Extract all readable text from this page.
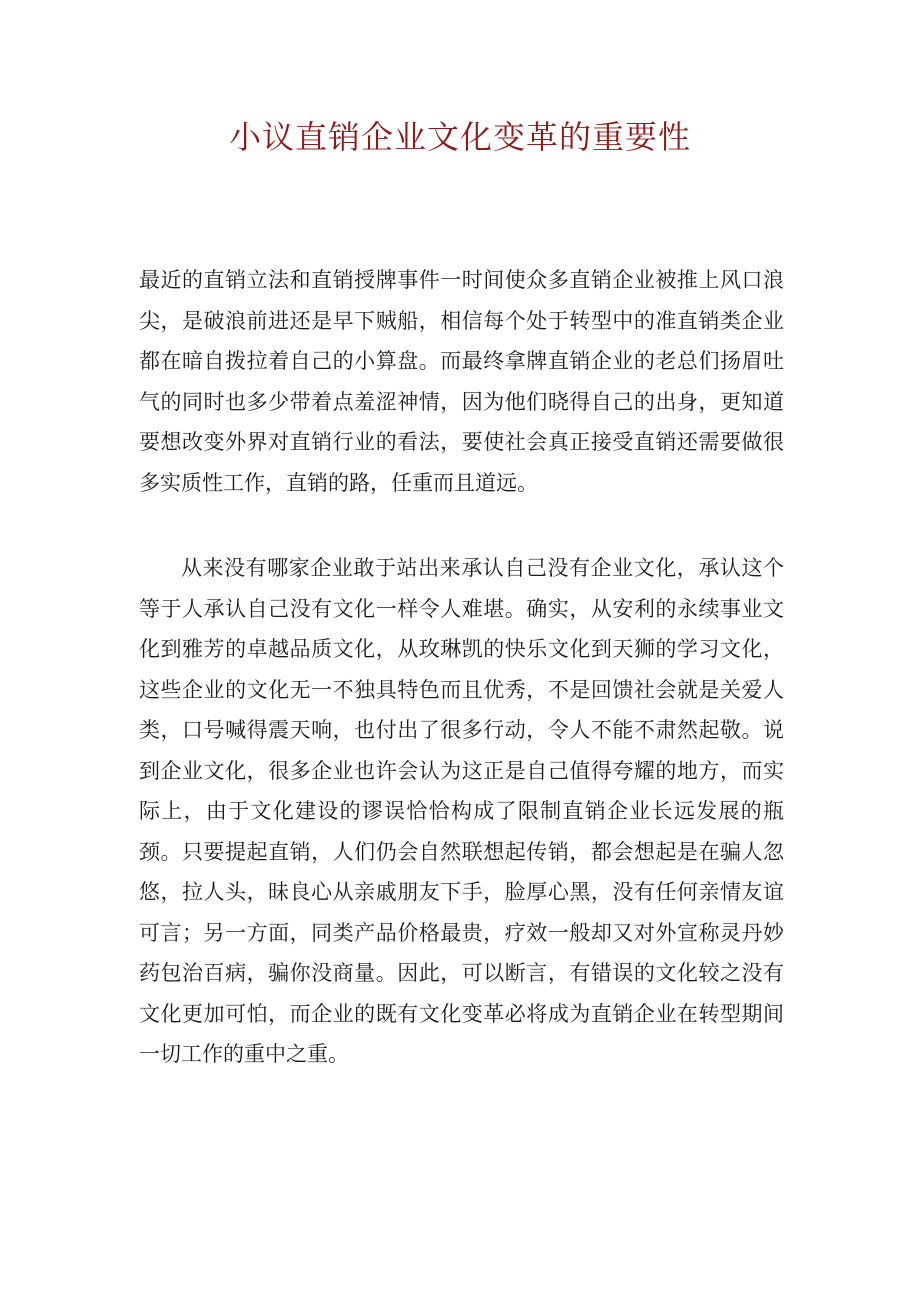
小议直销企业文化变革的重要性

最近的直销立法和直销授牌事件一时间使众多直销企业被推上风口浪尖，是破浪前进还是早下贼船，相信每个处于转型中的准直销类企业都在暗自拨拉着自己的小算盘。而最终拿牌直销企业的老总们扬眉吐气的同时也多少带着点羞涩神情，因为他们晓得自己的出身，更知道要想改变外界对直销行业的看法，要使社会真正接受直销还需要做很多实质性工作，直销的路，任重而且道远。

从来没有哪家企业敢于站出来承认自己没有企业文化，承认这个等于人承认自己没有文化一样令人难堪。确实，从安利的永续事业文化到雅芳的卓越品质文化，从玫琳凯的快乐文化到天狮的学习文化，这些企业的文化无一不独具特色而且优秀，不是回馈社会就是关爱人类，口号喊得震天响，也付出了很多行动，令人不能不肃然起敬。说到企业文化，很多企业也许会认为这正是自己值得夸耀的地方，而实际上，由于文化建设的谬误恰恰构成了限制直销企业长远发展的瓶颈。只要提起直销，人们仍会自然联想起传销，都会想起是在骗人忽悠，拉人头，昧良心从亲戚朋友下手，脸厚心黑，没有任何亲情友谊可言；另一方面，同类产品价格最贵，疗效一般却又对外宣称灵丹妙药包治百病，骗你没商量。因此，可以断言，有错误的文化较之没有文化更加可怕，而企业的既有文化变革必将成为直销企业在转型期间一切工作的重中之重。
